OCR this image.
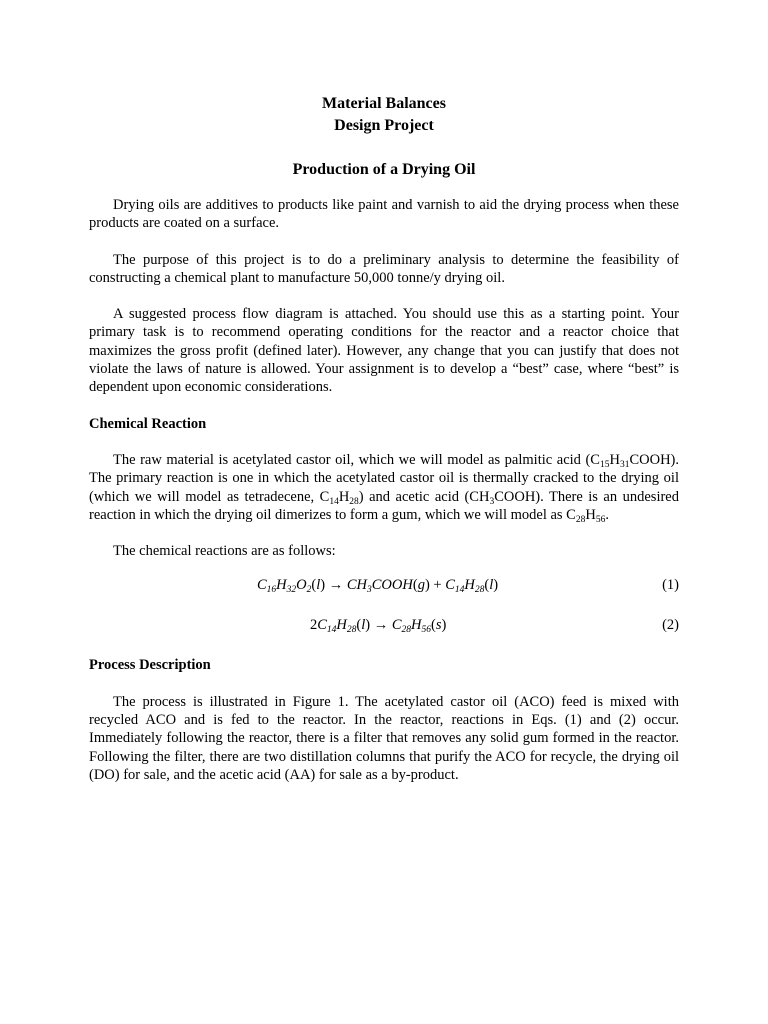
Material Balances
Design Project
Production of a Drying Oil

Drying oils are additives to products like paint and varnish to aid the drying process when these products are coated on a surface.

The purpose of this project is to do a preliminary analysis to determine the feasibility of constructing a chemical plant to manufacture 50,000 tonne/y drying oil.

A suggested process flow diagram is attached. You should use this as a starting point. Your primary task is to recommend operating conditions for the reactor and a reactor choice that maximizes the gross profit (defined later). However, any change that you can justify that does not violate the laws of nature is allowed. Your assignment is to develop a “best” case, where “best” is dependent upon economic considerations.

Chemical Reaction

The raw material is acetylated castor oil, which we will model as palmitic acid $(C_{15}H_{31}COOH)$. The primary reaction is one in which the acetylated castor oil is thermally cracked to the drying oil (which we will model as tetradecene, $C_{14}H_{28}$) and acetic acid $(CH_3COOH)$. There is an undesired reaction in which the drying oil dimerizes to form a gum, which we will model as $C_{28}H_{56}$.

The chemical reactions are as follows:

$C_{16}H_{32}O_2(l)$ → $CH_3COOH(g) + C_{14}H_{28}(l)$	(1)
$2C_{14}H_{28}(l) \to C_{28}H_{56}(s)$	(2)
Process Description

The process is illustrated in Figure 1. The acetylated castor oil (ACO) feed is mixed with recycled ACO and is fed to the reactor. In the reactor, reactions in Eqs. (1) and (2) occur. Immediately following the reactor, there is a filter that removes any solid gum formed in the reactor. Following the filter, there are two distillation columns that purify the ACO for recycle, the drying oil (DO) for sale, and the acetic acid (AA) for sale as a by-product.
